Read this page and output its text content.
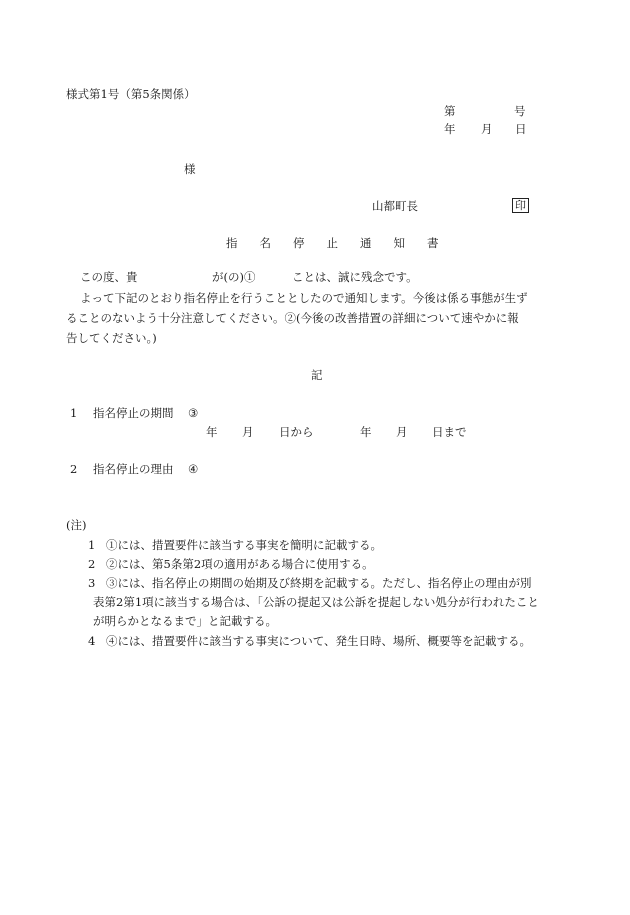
様式第1号（第5条関係）
第	号
年 月 日
様
山都町長	印
指 名 停 止 通 知 書
この度、貴	が(の)①	ことは、誠に残念です。
よって下記のとおり指名停止を行うこととしたので通知します。今後は係る事態が生ず
ることのないよう十分注意してください。②(今後の改善措置の詳細について速やかに報
告してください。)
記
1 指名停止の期間 ③
年 月 日から	年 月 日まで
2 指名停止の理由 ④
(注)
1 ①には、措置要件に該当する事実を簡明に記載する。
2 ②には、第5条第2項の適用がある場合に使用する。
3 ③には、指名停止の期間の始期及び終期を記載する。ただし、指名停止の理由が別
表第2第1項に該当する場合は、「公訴の提起又は公訴を提起しない処分が行われたこと
が明らかとなるまで」と記載する。
4 ④には、措置要件に該当する事実について、発生日時、場所、概要等を記載する。
